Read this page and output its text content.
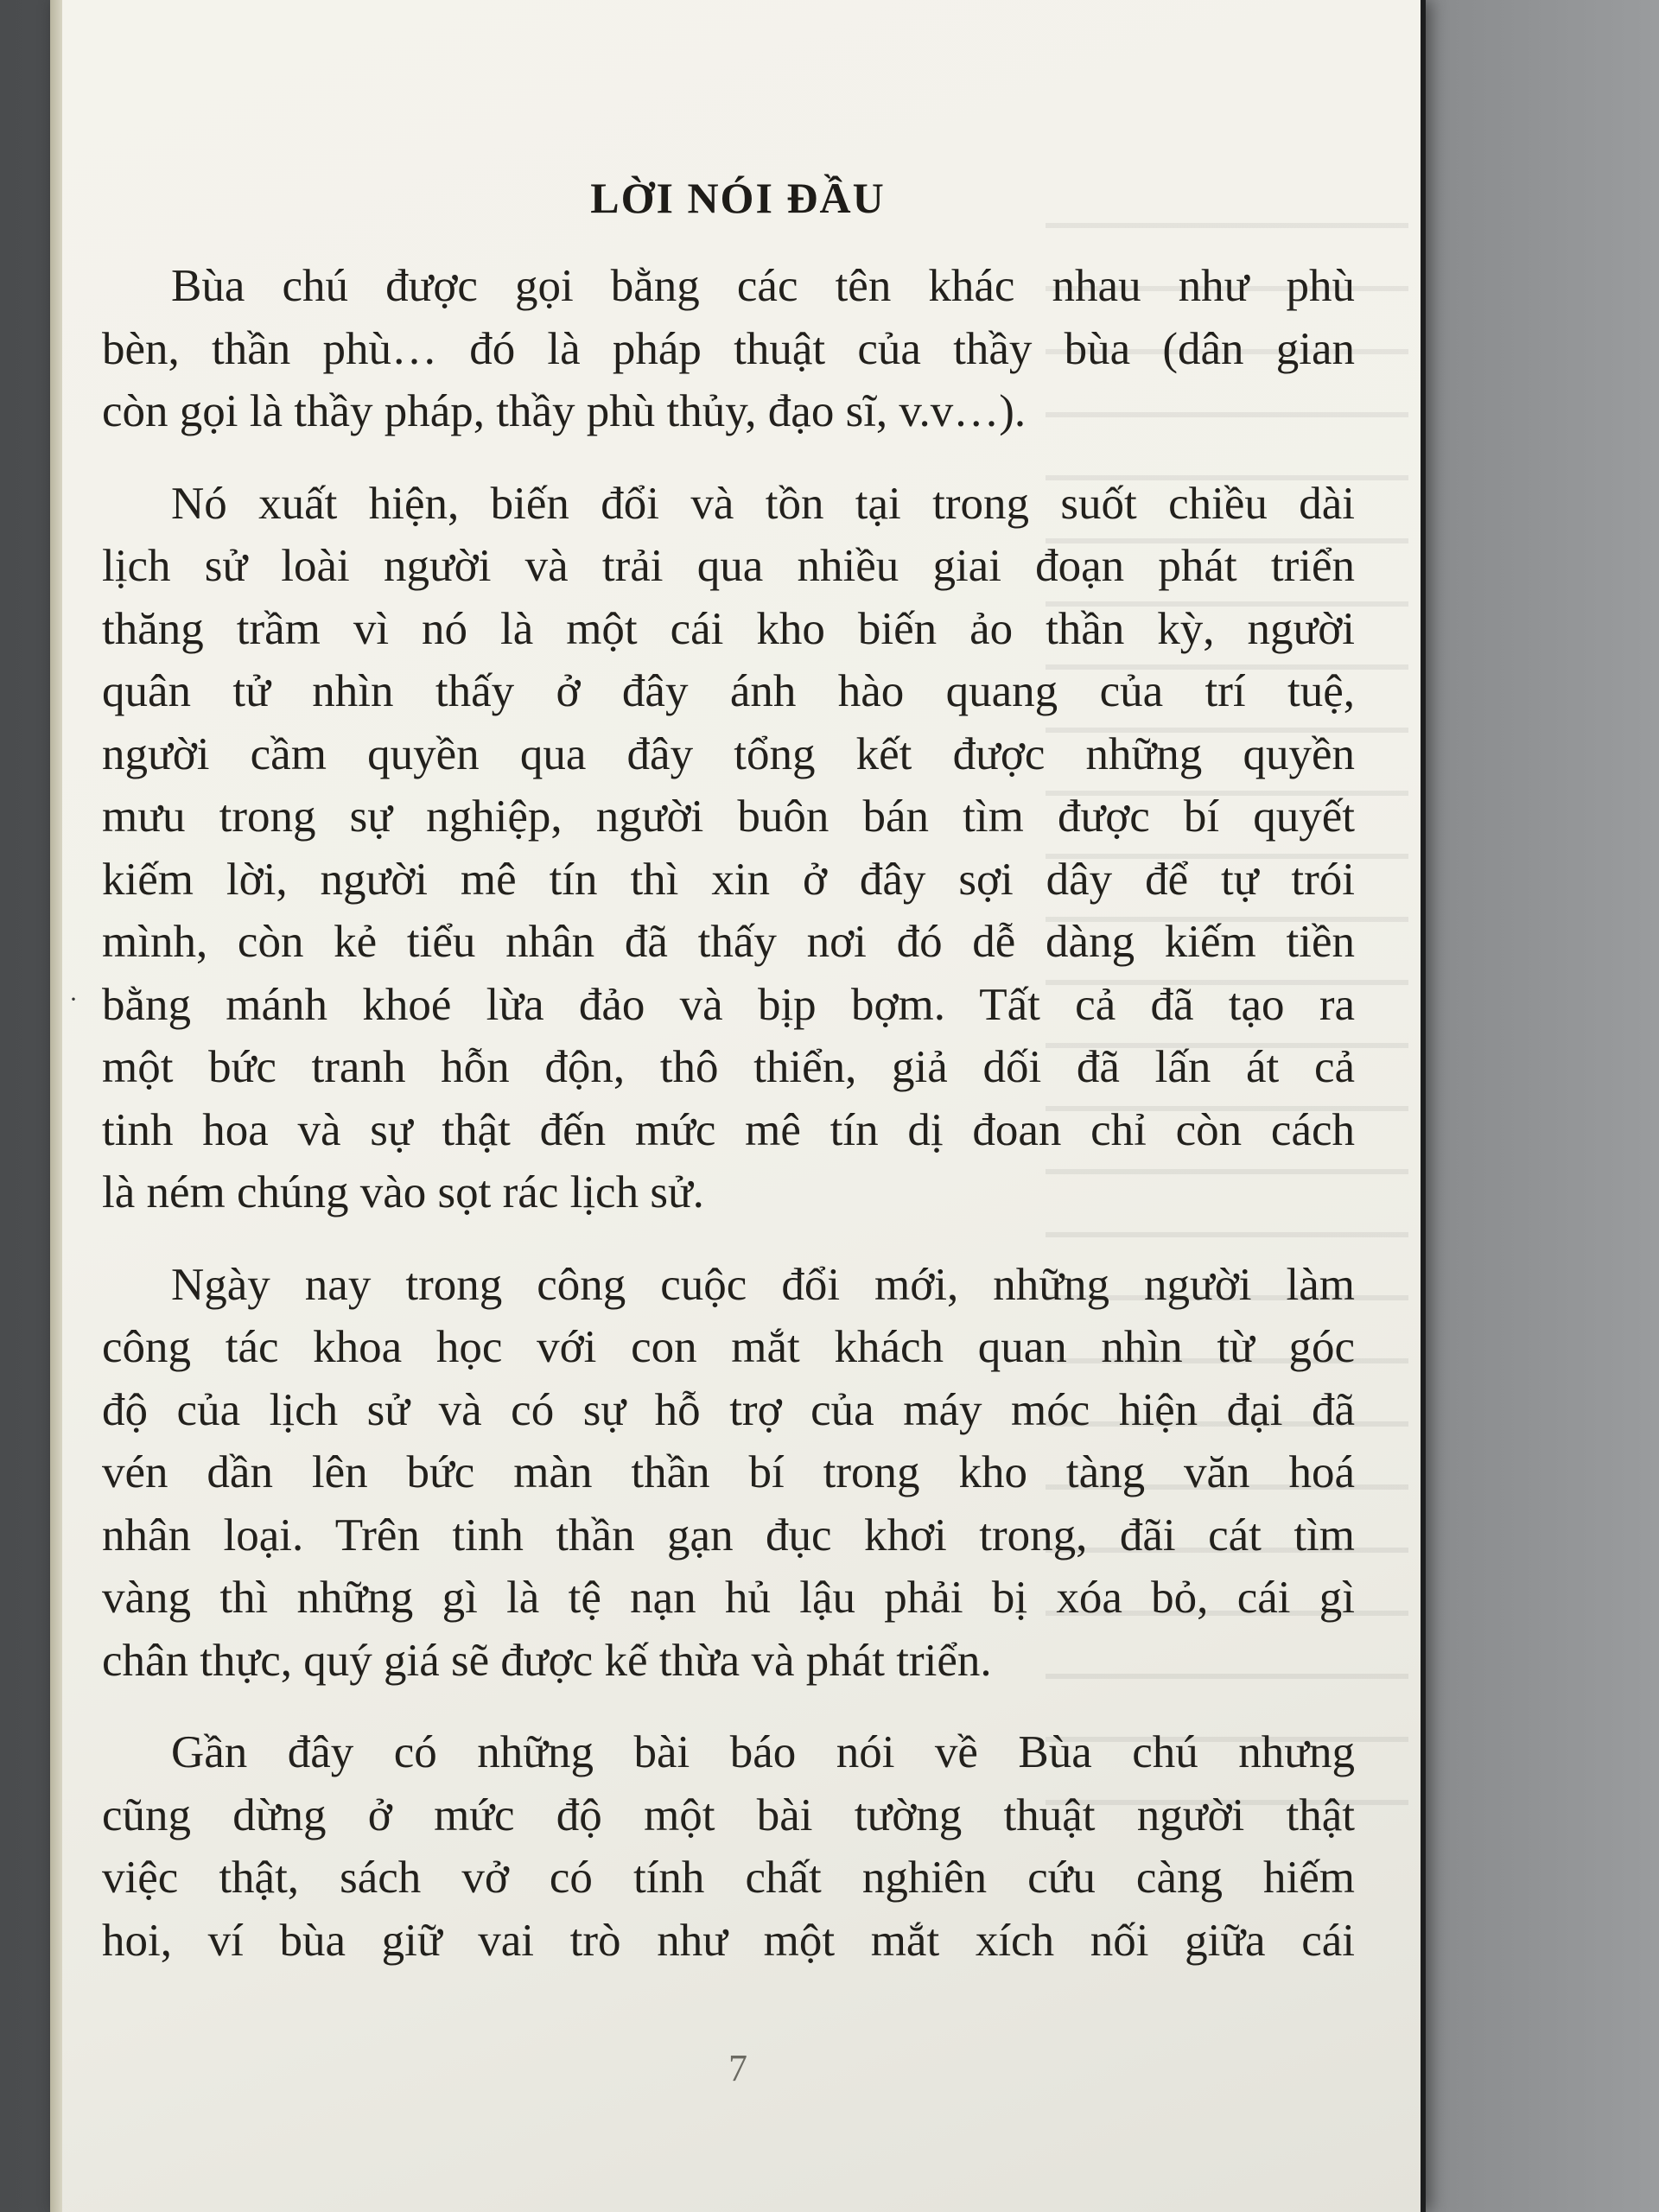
LỜI NÓI ĐẦU
·
Bùa chú được gọi bằng các tên khác nhau như phù
bèn, thần phù… đó là pháp thuật của thầy bùa (dân gian
còn gọi là thầy pháp, thầy phù thủy, đạo sĩ, v.v…).
Nó xuất hiện, biến đổi và tồn tại trong suốt chiều dài
lịch sử loài người và trải qua nhiều giai đoạn phát triển
thăng trầm vì nó là một cái kho biến ảo thần kỳ, người
quân tử nhìn thấy ở đây ánh hào quang của trí tuệ,
người cầm quyền qua đây tổng kết được những quyền
mưu trong sự nghiệp, người buôn bán tìm được bí quyết
kiếm lời, người mê tín thì xin ở đây sợi dây để tự trói
mình, còn kẻ tiểu nhân đã thấy nơi đó dễ dàng kiếm tiền
bằng mánh khoé lừa đảo và bịp bợm. Tất cả đã tạo ra
một bức tranh hỗn độn, thô thiển, giả dối đã lấn át cả
tinh hoa và sự thật đến mức mê tín dị đoan chỉ còn cách
là ném chúng vào sọt rác lịch sử.
Ngày nay trong công cuộc đổi mới, những người làm
công tác khoa học với con mắt khách quan nhìn từ góc
độ của lịch sử và có sự hỗ trợ của máy móc hiện đại đã
vén dần lên bức màn thần bí trong kho tàng văn hoá
nhân loại. Trên tinh thần gạn đục khơi trong, đãi cát tìm
vàng thì những gì là tệ nạn hủ lậu phải bị xóa bỏ, cái gì
chân thực, quý giá sẽ được kế thừa và phát triển.
Gần đây có những bài báo nói về Bùa chú nhưng
cũng dừng ở mức độ một bài tường thuật người thật
việc thật, sách vở có tính chất nghiên cứu càng hiếm
hoi, ví bùa giữ vai trò như một mắt xích nối giữa cái
7
